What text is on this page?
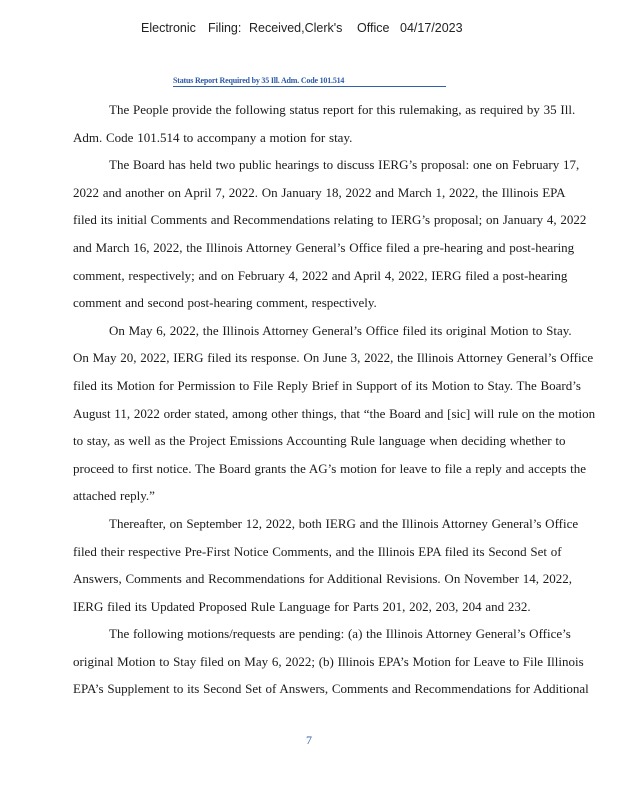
Electronic Filing: Received,Clerk's Office 04/17/2023
Status Report Required by 35 Ill. Adm. Code 101.514
The People provide the following status report for this rulemaking, as required by 35 Ill.
Adm. Code 101.514 to accompany a motion for stay.
The Board has held two public hearings to discuss IERG’s proposal: one on February 17,
2022 and another on April 7, 2022. On January 18, 2022 and March 1, 2022, the Illinois EPA
filed its initial Comments and Recommendations relating to IERG’s proposal; on January 4, 2022
and March 16, 2022, the Illinois Attorney General’s Office filed a pre-hearing and post-hearing
comment, respectively; and on February 4, 2022 and April 4, 2022, IERG filed a post-hearing
comment and second post-hearing comment, respectively.
On May 6, 2022, the Illinois Attorney General’s Office filed its original Motion to Stay.
On May 20, 2022, IERG filed its response. On June 3, 2022, the Illinois Attorney General’s Office
filed its Motion for Permission to File Reply Brief in Support of its Motion to Stay. The Board’s
August 11, 2022 order stated, among other things, that “the Board and [sic] will rule on the motion
to stay, as well as the Project Emissions Accounting Rule language when deciding whether to
proceed to first notice. The Board grants the AG’s motion for leave to file a reply and accepts the
attached reply.”
Thereafter, on September 12, 2022, both IERG and the Illinois Attorney General’s Office
filed their respective Pre-First Notice Comments, and the Illinois EPA filed its Second Set of
Answers, Comments and Recommendations for Additional Revisions. On November 14, 2022,
IERG filed its Updated Proposed Rule Language for Parts 201, 202, 203, 204 and 232.
The following motions/requests are pending: (a) the Illinois Attorney General’s Office’s
original Motion to Stay filed on May 6, 2022; (b) Illinois EPA’s Motion for Leave to File Illinois
EPA’s Supplement to its Second Set of Answers, Comments and Recommendations for Additional
7
